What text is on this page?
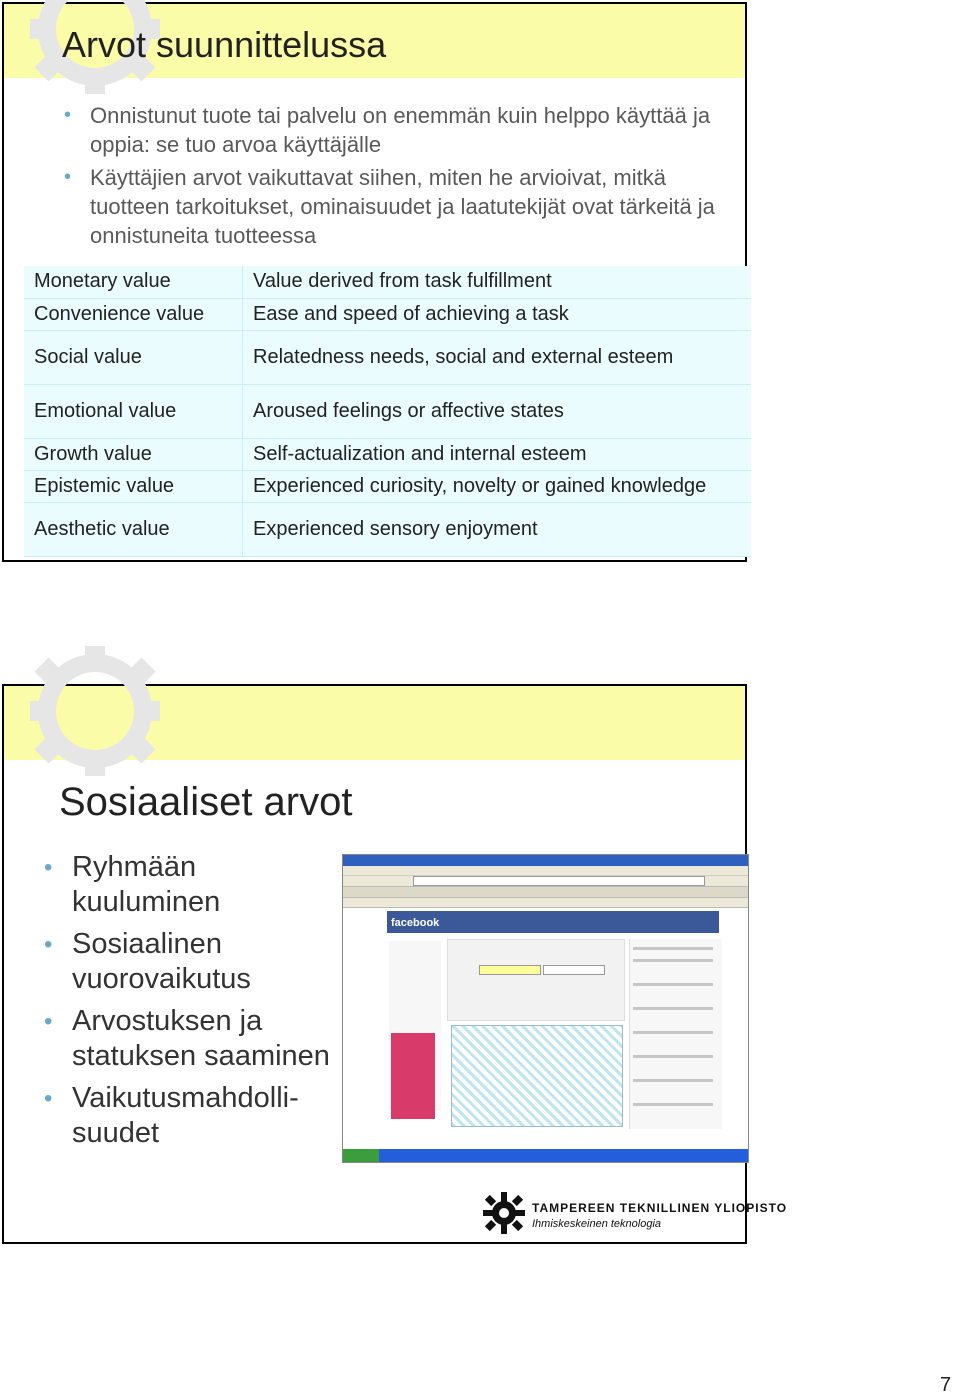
Arvot suunnittelussa
• Onnistunut tuote tai palvelu on enemmän kuin helppo käyttää ja oppia: se tuo arvoa käyttäjälle
• Käyttäjien arvot vaikuttavat siihen, miten he arvioivat, mitkä tuotteen tarkoitukset, ominaisuudet ja laatutekijät ovat tärkeitä ja onnistuneita tuotteessa
Monetary value	Value derived from task fulfillment
Convenience value	Ease and speed of achieving a task
Social value	Relatedness needs, social and external esteem
Emotional value	Aroused feelings or affective states
Growth value	Self-actualization and internal esteem
Epistemic value	Experienced curiosity, novelty or gained knowledge
Aesthetic value	Experienced sensory enjoyment
Sosiaaliset arvot
• Ryhmään kuuluminen
• Sosiaalinen vuorovaikutus
• Arvostuksen ja statuksen saaminen
• Vaikutusmahdolli-suudet
facebook
TAMPEREEN TEKNILLINEN YLIOPISTO
Ihmiskeskeinen teknologia
7
